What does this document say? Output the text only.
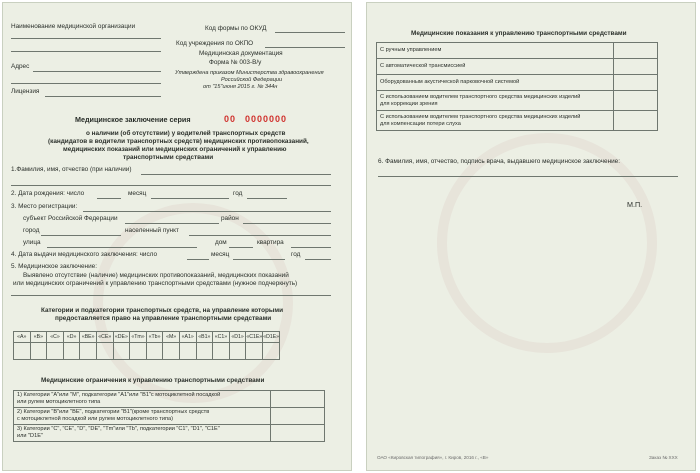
Наименование медицинской организации
Адрес
Лицензия
Код формы по ОКУД
Код учреждения по ОКПО
Медицинская документация
Форма № 003-В/у
Утверждена приказом Министерства здравоохранения
Российской Федерации
от "15"июня 2015 г. № 344н
Медицинское заключение серия	00 0000000
о наличии (об отсутствии) у водителей транспортных средств
(кандидатов в водители транспортных средств) медицинских противопоказаний,
медицинских показаний или медицинских ограничений к управлению
транспортными средствами
1.Фамилия, имя, отчество (при наличии)
2. Дата рождения: число	месяц	год
3. Место регистрации:
субъект Российской Федерации	район
город	населенный пункт
улица	дом	квартира
4. Дата выдачи медицинского заключения: число	месяц	год
5. Медицинское заключение:
Выявлено отсутствие (наличие) медицинских противопоказаний, медицинских показаний
или медицинских ограничений к управлению транспортными средствами (нужное подчеркнуть)
Категории и подкатегории транспортных средств, на управление которыми
предоставляется право на управление транспортными средствами
«A»	«B»	«C»	«D»	«BE»	«CE»	«DE»	«Tm»	«Tb»	«M»	«A1»	«B1»	«C1»	«D1»	«C1E»	«D1E»

Медицинские ограничения к управлению транспортными средствами
1) Категории "А"или "М", подкатегории "А1"или "В1"с мотоциклетной посадкой
или рулем мотоциклетного типа	

2) Категории "В"или "ВЕ", подкатегории "В1"(кроме транспортных средств
с мотоциклетной посадкой или рулем мотоциклетного типа)	

3) Категории "С", "СЕ", "D", "DE", "Tm"или "Tb", подкатегории "С1", "D1", "С1Е"
или "D1E"	

Медицинские показания к управлению транспортными средствами
С ручным управлением	

С автоматической трансмиссией	

Оборудованным акустической парковочной системой	

С использованием водителем транспортного средства медицинских изделий
для коррекции зрения	

С использованием водителем транспортного средства медицинских изделий
для компенсации потери слуха	

6. Фамилия, имя, отчество, подпись врача, выдавшего медицинское заключение:
М.П.
ОАО «Кировская типография», г. Киров, 2016 г., «В»	Заказ № XXX
